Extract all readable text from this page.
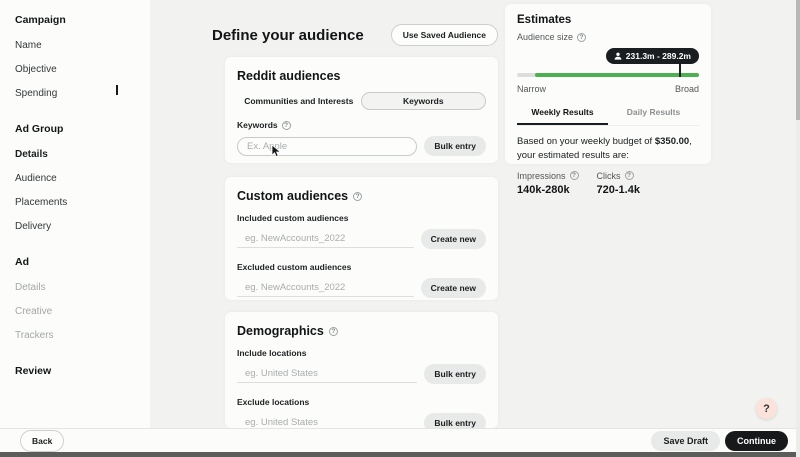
Campaign
Name
Objective
Spending
Ad Group
Details
Audience
Placements
Delivery
Ad
Details
Creative
Trackers
Review
Define your audience	Use Saved Audience
Reddit audiences
Communities and Interests	Keywords
Keywords	?
Ex. Apple
Bulk entry
Custom audiences	?
Included custom audiences
eg. NewAccounts_2022
Create new
Excluded custom audiences
eg. NewAccounts_2022
Create new
Demographics	?
Include locations
eg. United States
Bulk entry
Exclude locations
eg. United States
Bulk entry
Estimates
Audience size	?
231.3m - 289.2m
Narrow	Broad
Weekly Results	Daily Results

Based on your weekly budget of $350.00, your estimated results are:

Impressions	?
140k-280k
Clicks	?
720-1.4k
?
Back	Save Draft	Continue
